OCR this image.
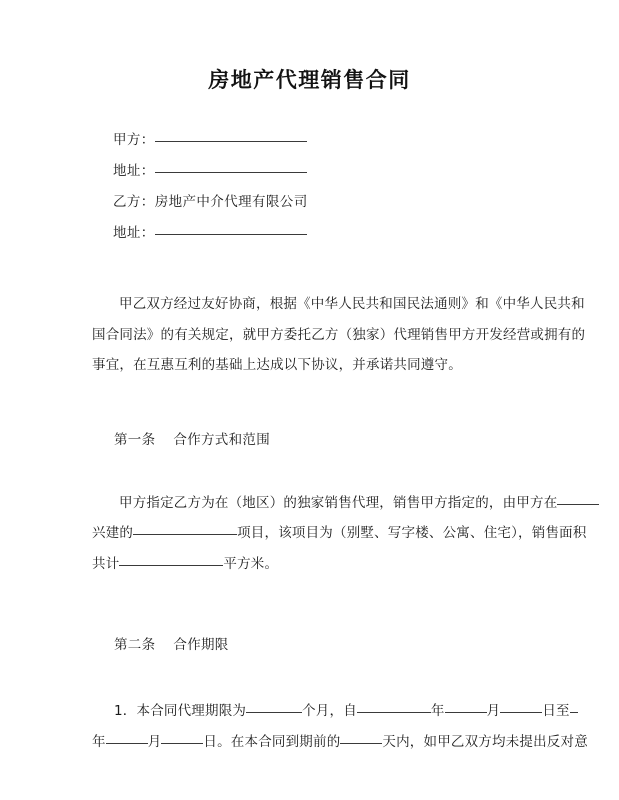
房地产代理销售合同
甲方：
地址：
乙方：房地产中介代理有限公司
地址：
甲乙双方经过友好协商，根据《中华人民共和国民法通则》和《中华人民共和
国合同法》的有关规定，就甲方委托乙方（独家）代理销售甲方开发经营或拥有的
事宜，在互惠互利的基础上达成以下协议，并承诺共同遵守。
第一条 合作方式和范围
甲方指定乙方为在（地区）的独家销售代理，销售甲方指定的，由甲方在
兴建的	项目，该项目为（别墅、写字楼、公寓、住宅），销售面积
共计	平方米。
第二条 合作期限
1．本合同代理期限为	个月，自	年	月	日至
年	月	日。在本合同到期前的	天内，如甲乙双方均未提出反对意
